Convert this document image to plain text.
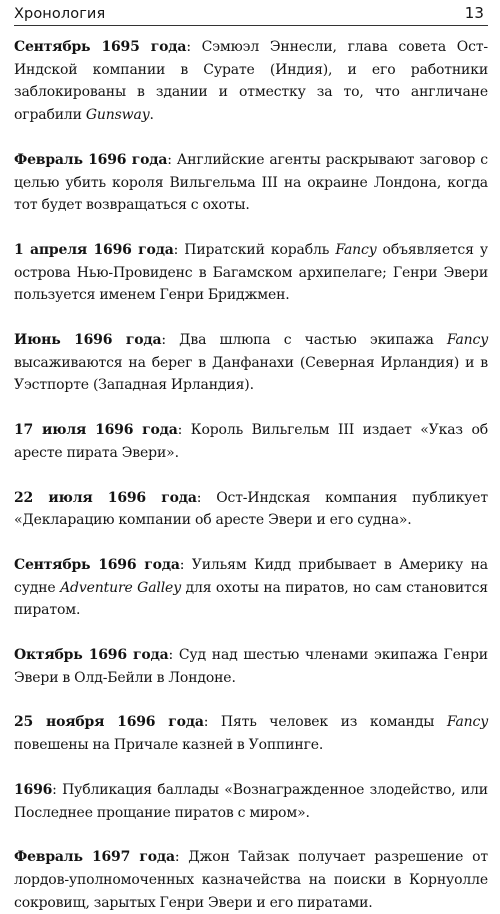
Хронология	13

Сентябрь 1695 года: Сэмюэл Эннесли, глава совета Ост-Индской компании в Сурате (Индия), и его работники заблокированы в здании и отместку за то, что англичане ограбили Gunsway.

Февраль 1696 года: Английские агенты раскрывают заговор с целью убить короля Вильгельма III на окраине Лондона, когда тот будет возвращаться с охоты.

1 апреля 1696 года: Пиратский корабль Fancy объявляется у острова Нью-Провиденс в Багамском архипелаге; Генри Эвери пользуется именем Генри Бриджмен.

Июнь 1696 года: Два шлюпа с частью экипажа Fancy высаживаются на берег в Данфанахи (Северная Ирландия) и в Уэстпорте (Западная Ирландия).

17 июля 1696 года: Король Вильгельм III издает «Указ об аресте пирата Эвери».

22 июля 1696 года: Ост-Индская компания публикует «Декларацию компании об аресте Эвери и его судна».

Сентябрь 1696 года: Уильям Кидд прибывает в Америку на судне Adventure Galley для охоты на пиратов, но сам становится пиратом.

Октябрь 1696 года: Суд над шестью членами экипажа Генри Эвери в Олд-Бейли в Лондоне.

25 ноября 1696 года: Пять человек из команды Fancy повешены на Причале казней в Уоппинге.

1696: Публикация баллады «Вознагражденное злодейство, или Последнее прощание пиратов с миром».

Февраль 1697 года: Джон Тайзак получает разрешение от лордов-уполномоченных казначейства на поиски в Корнуолле сокровищ, зарытых Генри Эвери и его пиратами.
